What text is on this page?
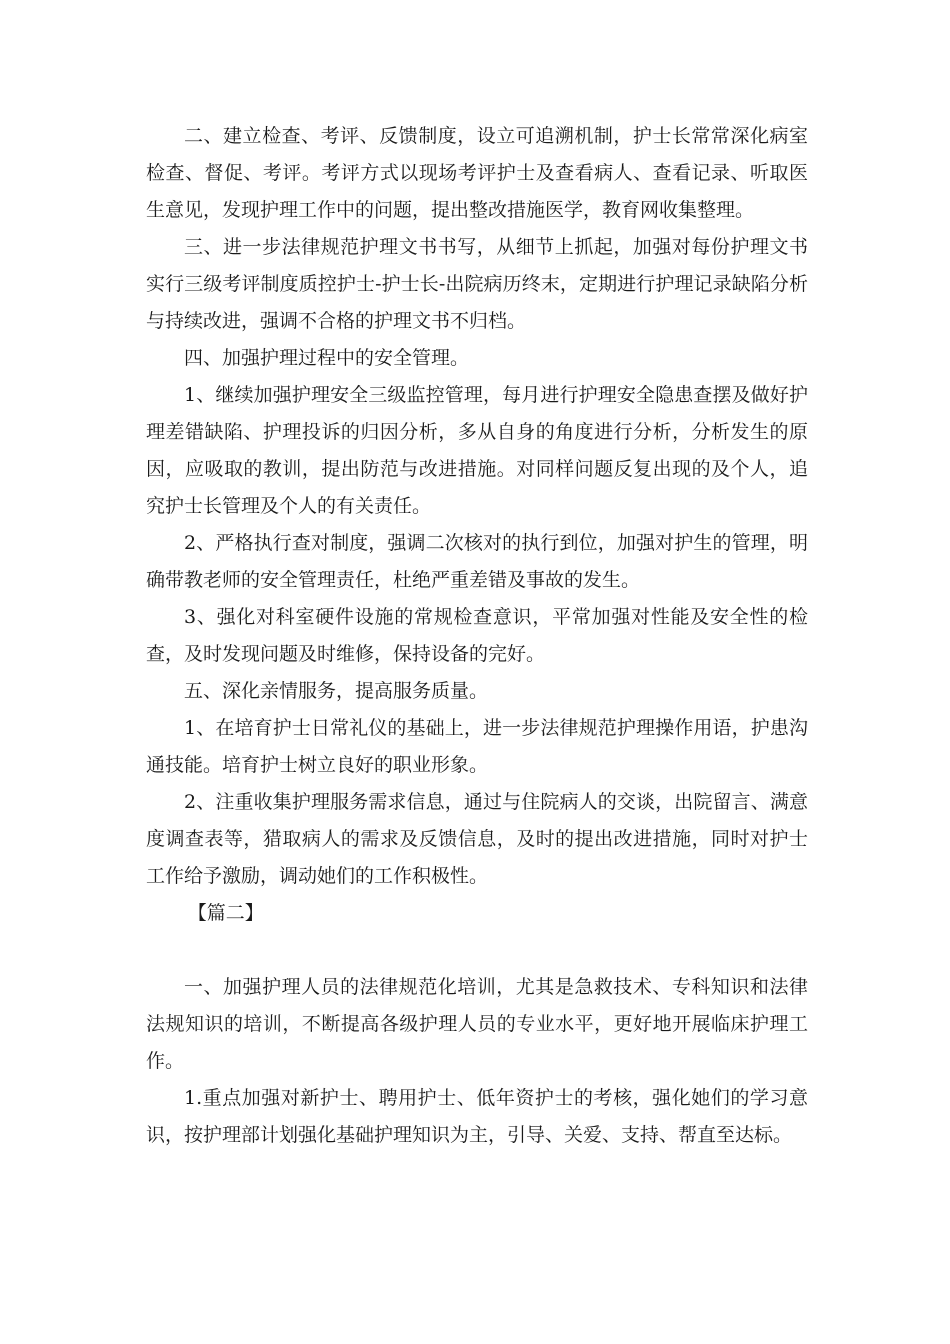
二、建立检查、考评、反馈制度，设立可追溯机制，护士长常常深化病室检查、督促、考评。考评方式以现场考评护士及查看病人、查看记录、听取医生意见，发现护理工作中的问题，提出整改措施医学，教育网收集整理。

三、进一步法律规范护理文书书写，从细节上抓起，加强对每份护理文书实行三级考评制度质控护士-护士长-出院病历终末，定期进行护理记录缺陷分析与持续改进，强调不合格的护理文书不归档。

四、加强护理过程中的安全管理。

1、继续加强护理安全三级监控管理，每月进行护理安全隐患查摆及做好护理差错缺陷、护理投诉的归因分析，多从自身的角度进行分析，分析发生的原因，应吸取的教训，提出防范与改进措施。对同样问题反复出现的及个人，追究护士长管理及个人的有关责任。

2、严格执行查对制度，强调二次核对的执行到位，加强对护生的管理，明确带教老师的安全管理责任，杜绝严重差错及事故的发生。

3、强化对科室硬件设施的常规检查意识，平常加强对性能及安全性的检查，及时发现问题及时维修，保持设备的完好。

五、深化亲情服务，提高服务质量。

1、在培育护士日常礼仪的基础上，进一步法律规范护理操作用语，护患沟通技能。培育护士树立良好的职业形象。

2、注重收集护理服务需求信息，通过与住院病人的交谈，出院留言、满意度调查表等，猎取病人的需求及反馈信息，及时的提出改进措施，同时对护士工作给予激励，调动她们的工作积极性。

【篇二】

一、加强护理人员的法律规范化培训，尤其是急救技术、专科知识和法律法规知识的培训，不断提高各级护理人员的专业水平，更好地开展临床护理工作。

1.重点加强对新护士、聘用护士、低年资护士的考核，强化她们的学习意识，按护理部计划强化基础护理知识为主，引导、关爱、支持、帮直至达标。
